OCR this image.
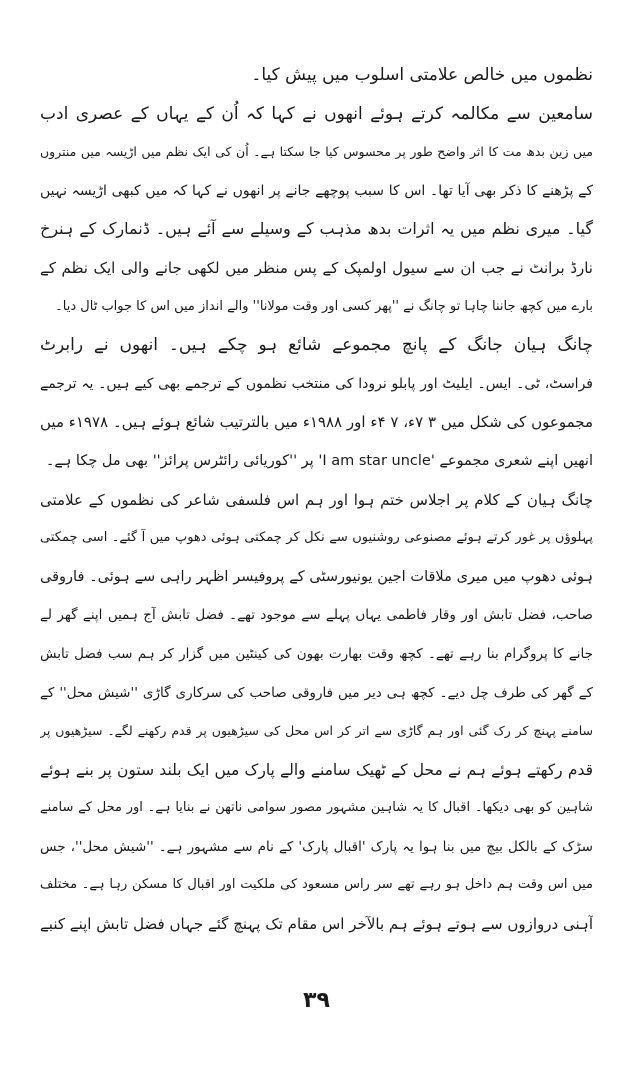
نظموں میں خالص علامتی اسلوب میں پیش کیا۔
سامعین سے مکالمہ کرتے ہوئے انھوں نے کہا کہ اُن کے یہاں کے عصری ادب
میں زین بدھ مت کا اثر واضح طور پر محسوس کیا جا سکتا ہے۔ اُن کی ایک نظم میں اڑیسہ میں منتروں
کے پڑھنے کا ذکر بھی آیا تھا۔ اس کا سبب پوچھے جانے پر انھوں نے کہا کہ میں کبھی اڑیسہ نہیں
گیا۔ میری نظم میں یہ اثرات بدھ مذہب کے وسیلے سے آئے ہیں۔ ڈنمارک کے ہنرخ
نارڈ برانٹ نے جب ان سے سیول اولمپک کے پس منظر میں لکھی جانے والی ایک نظم کے
بارے میں کچھ جاننا چاہا تو چانگ نے ''پھر کسی اور وقت مولانا'' والے انداز میں اس کا جواب ٹال دیا۔
چانگ ہیان جانگ کے پانچ مجموعے شائع ہو چکے ہیں۔ انھوں نے رابرٹ
فراسٹ، ٹی۔ ایس۔ ایلیٹ اور پابلو نرودا کی منتخب نظموں کے ترجمے بھی کیے ہیں۔ یہ ترجمے
مجموعوں کی شکل میں ۳ ۷ء، ۷ ۴ء اور ۱۹۸۸ء میں بالترتیب شائع ہوئے ہیں۔ ۱۹۷۸ء میں
انھیں اپنے شعری مجموعے 'I am star uncle' پر ''کوریائی رائٹرس پرائز'' بھی مل چکا ہے۔
چانگ ہیان کے کلام پر اجلاس ختم ہوا اور ہم اس فلسفی شاعر کی نظموں کے علامتی
پہلوؤں پر غور کرتے ہوئے مصنوعی روشنیوں سے نکل کر چمکتی ہوئی دھوپ میں آ گئے۔ اسی چمکتی
ہوئی دھوپ میں میری ملاقات اجین یونیورسٹی کے پروفیسر اظہر راہی سے ہوئی۔ فاروقی
صاحب، فضل تابش اور وقار فاطمی یہاں پہلے سے موجود تھے۔ فضل تابش آج ہمیں اپنے گھر لے
جانے کا پروگرام بنا رہے تھے۔ کچھ وقت بھارت بھون کی کینٹین میں گزار کر ہم سب فضل تابش
کے گھر کی طرف چل دیے۔ کچھ ہی دیر میں فاروقی صاحب کی سرکاری گاڑی ''شیش محل'' کے
سامنے پہنچ کر رک گئی اور ہم گاڑی سے اتر کر اس محل کی سیڑھیوں پر قدم رکھنے لگے۔ سیڑھیوں پر
قدم رکھتے ہوئے ہم نے محل کے ٹھیک سامنے والے پارک میں ایک بلند ستون پر بنے ہوئے
شاہین کو بھی دیکھا۔ اقبال کا یہ شاہین مشہور مصور سوامی ناتھن نے بنایا ہے۔ اور محل کے سامنے
سڑک کے بالکل بیچ میں بنا ہوا یہ پارک 'اقبال پارک' کے نام سے مشہور ہے۔ ''شیش محل''، جس
میں اس وقت ہم داخل ہو رہے تھے سر راس مسعود کی ملکیت اور اقبال کا مسکن رہا ہے۔ مختلف
آہنی دروازوں سے ہوتے ہوئے ہم بالآخر اس مقام تک پہنچ گئے جہاں فضل تابش اپنے کنبے
۳۹
